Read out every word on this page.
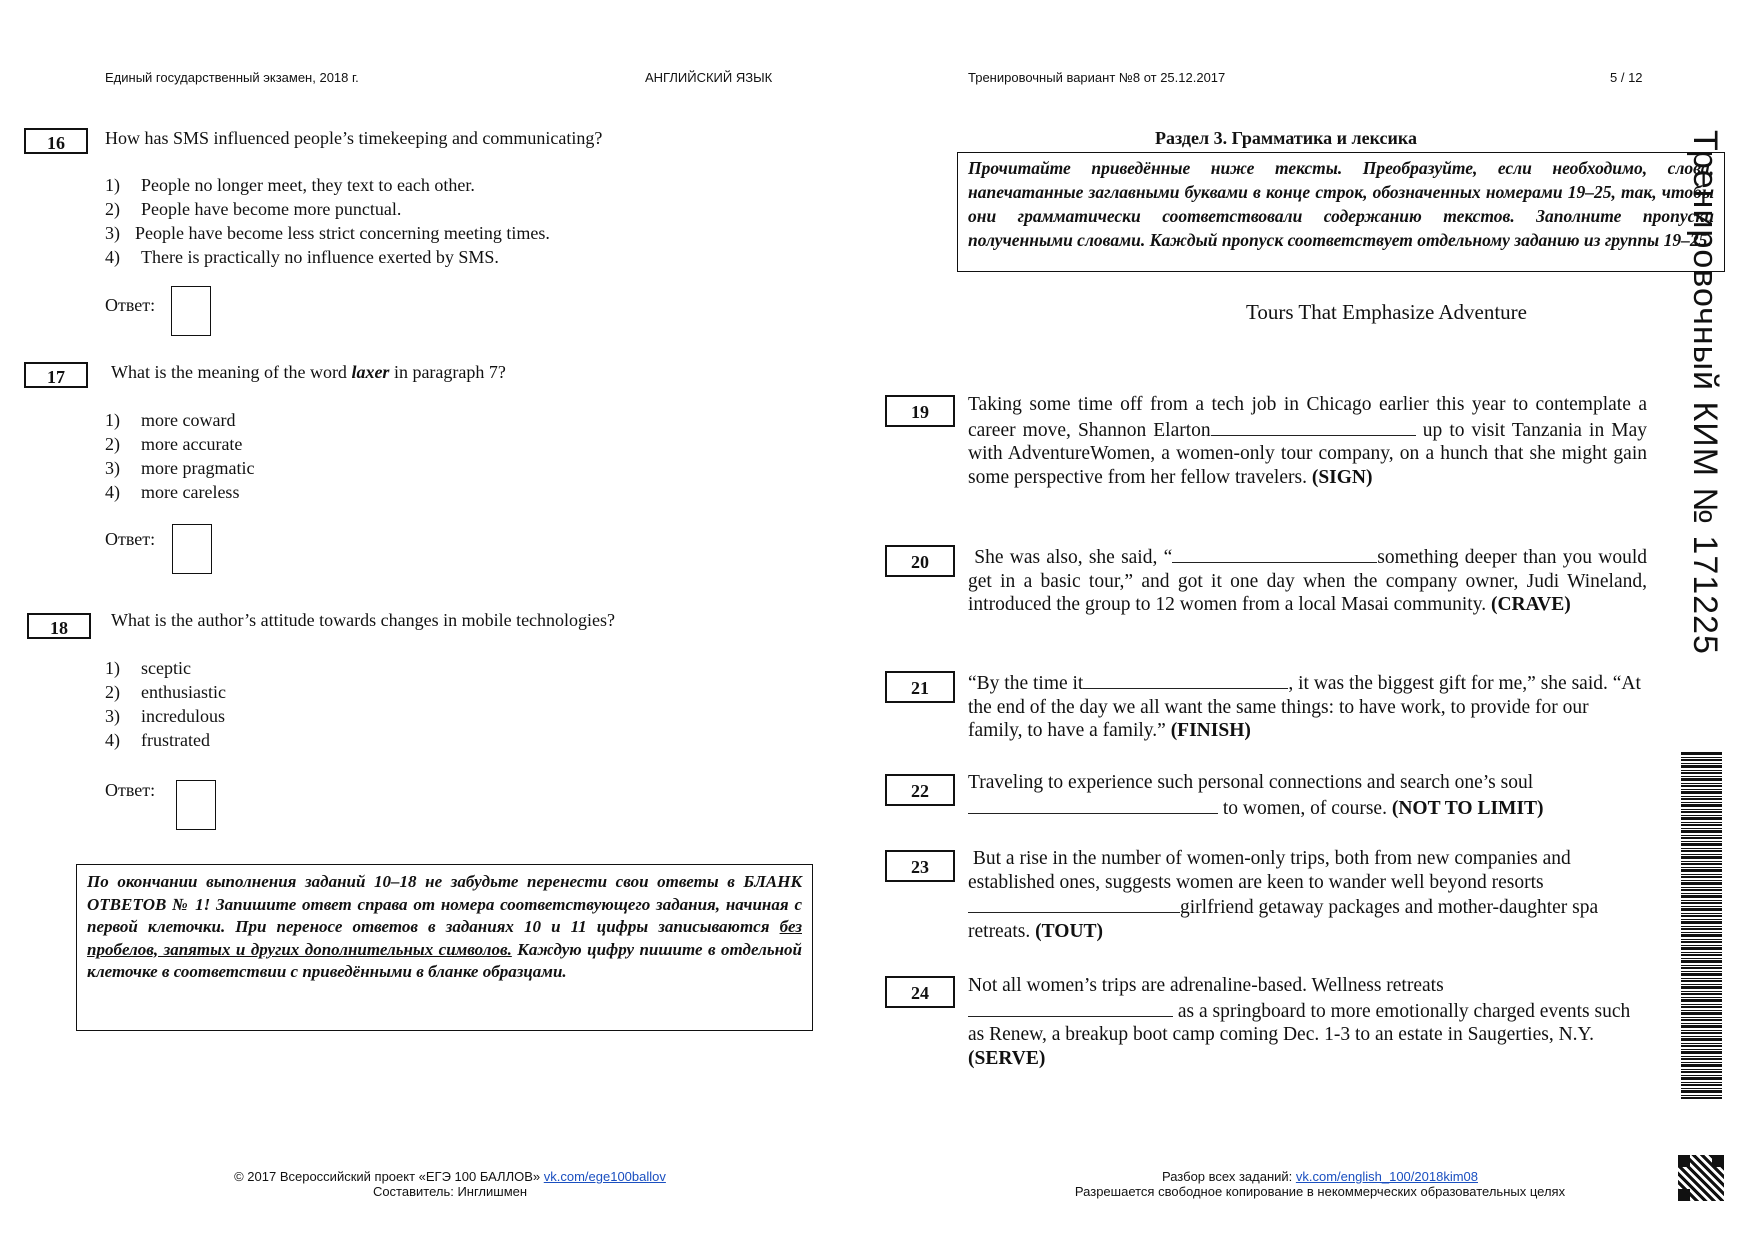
Единый государственный экзамен, 2018 г.	АНГЛИЙСКИЙ ЯЗЫК	Тренировочный вариант №8 от 25.12.2017	5 / 12
16	How has SMS influenced people’s timekeeping and communicating?
1) People no longer meet, they text to each other.
2) People have become more punctual.
3) People have become less strict concerning meeting times.
4) There is practically no influence exerted by SMS.
Ответ:
17	What is the meaning of the word laxer in paragraph 7?
1) more coward
2) more accurate
3) more pragmatic
4) more careless
Ответ:
18	What is the author’s attitude towards changes in mobile technologies?
1) sceptic
2) enthusiastic
3) incredulous
4) frustrated
Ответ:
По окончании выполнения заданий 10–18 не забудьте перенести свои ответы в БЛАНК ОТВЕТОВ № 1! Запишите ответ справа от номера соответствующего задания, начиная с первой клеточки. При переносе ответов в заданиях 10 и 11 цифры записываются без пробелов, запятых и других дополнительных символов. Каждую цифру пишите в отдельной клеточке в соответствии с приведёнными в бланке образцами.
Раздел 3. Грамматика и лексика
Прочитайте приведённые ниже тексты. Преобразуйте, если необходимо, слова, напечатанные заглавными буквами в конце строк, обозначенных номерами 19–25, так, чтобы они грамматически соответствовали содержанию текстов. Заполните пропуски полученными словами. Каждый пропуск соответствует отдельному заданию из группы 19–25.
Tours That Emphasize Adventure
19	Taking some time off from a tech job in Chicago earlier this year to contemplate a career move, Shannon Elarton	up to visit Tanzania in May with AdventureWomen, a women-only tour company, on a hunch that she might gain some perspective from her fellow travelers. (SIGN)
20	She was also, she said, “	something deeper than you would get in a basic tour,” and got it one day when the company owner, Judi Wineland, introduced the group to 12 women from a local Masai community. (CRAVE)
21	“By the time it	, it was the biggest gift for me,” she said. “At the end of the day we all want the same things: to have work, to provide for our family, to have a family.” (FINISH)
22	Traveling to experience such personal connections and search one’s soul  to women, of course. (NOT TO LIMIT)
23	But a rise in the number of women-only trips, both from new companies and established ones, suggests women are keen to wander well beyond resortsgirlfriend getaway packages and mother-daughter spa retreats. (TOUT)
24	Not all women’s trips are adrenaline-based. Wellness retreats as a springboard to more emotionally charged events such as Renew, a breakup boot camp coming Dec. 1-3 to an estate in Saugerties, N.Y. (SERVE)
Тренировочный КИМ № 171225
© 2017 Всероссийский проект «ЕГЭ 100 БАЛЛОВ» vk.com/ege100ballov
Составитель: Инглишмен
Разбор всех заданий: vk.com/english_100/2018kim08
Разрешается свободное копирование в некоммерческих образовательных целях
